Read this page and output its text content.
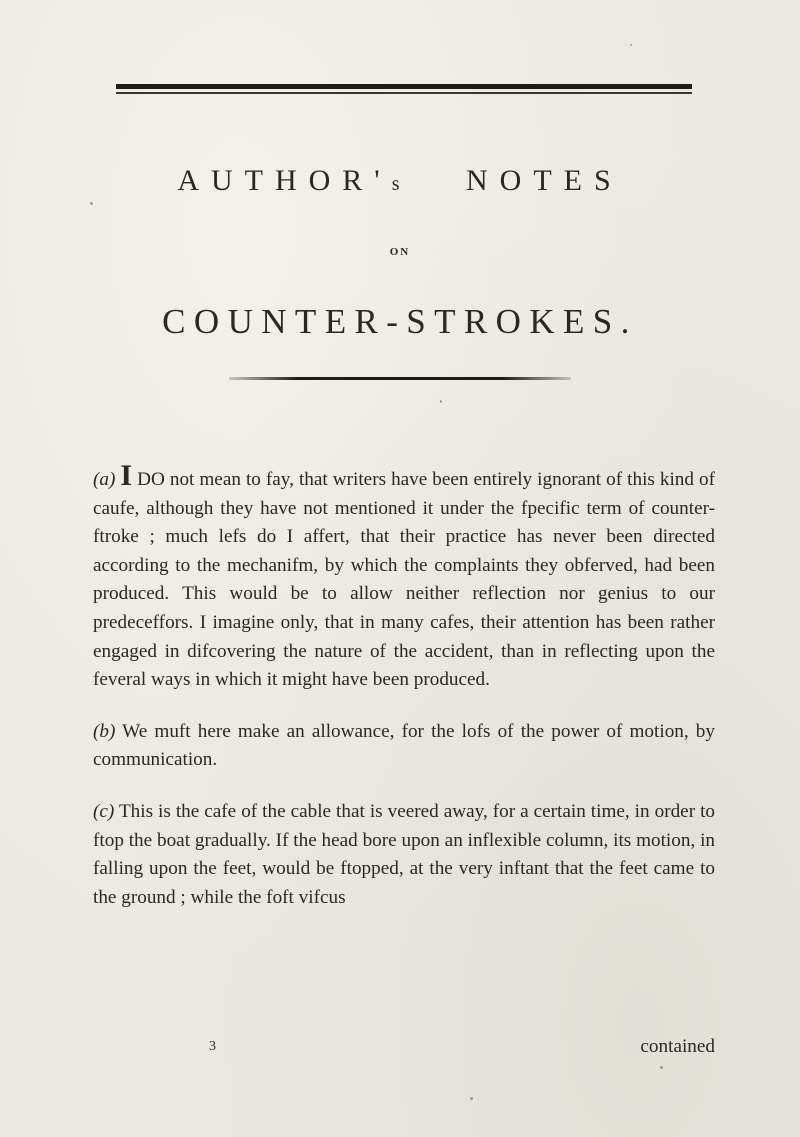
AUTHOR's NOTES
ON
COUNTER-STROKES.

(a) I DO not mean to fay, that writers have been entirely ignorant of this kind of caufe, although they have not mentioned it under the fpecific term of counter-ftroke ; much lefs do I affert, that their practice has never been directed according to the mechanifm, by which the complaints they obferved, had been produced. This would be to allow neither reflection nor genius to our predeceffors. I imagine only, that in many cafes, their attention has been rather engaged in difcovering the nature of the accident, than in reflecting upon the feveral ways in which it might have been produced.

(b) We muft here make an allowance, for the lofs of the power of motion, by communication.

(c) This is the cafe of the cable that is veered away, for a certain time, in order to ftop the boat gradually. If the head bore upon an inflexible column, its motion, in falling upon the feet, would be ftopped, at the very inftant that the feet came to the ground ; while the foft vifcus

3	contained
